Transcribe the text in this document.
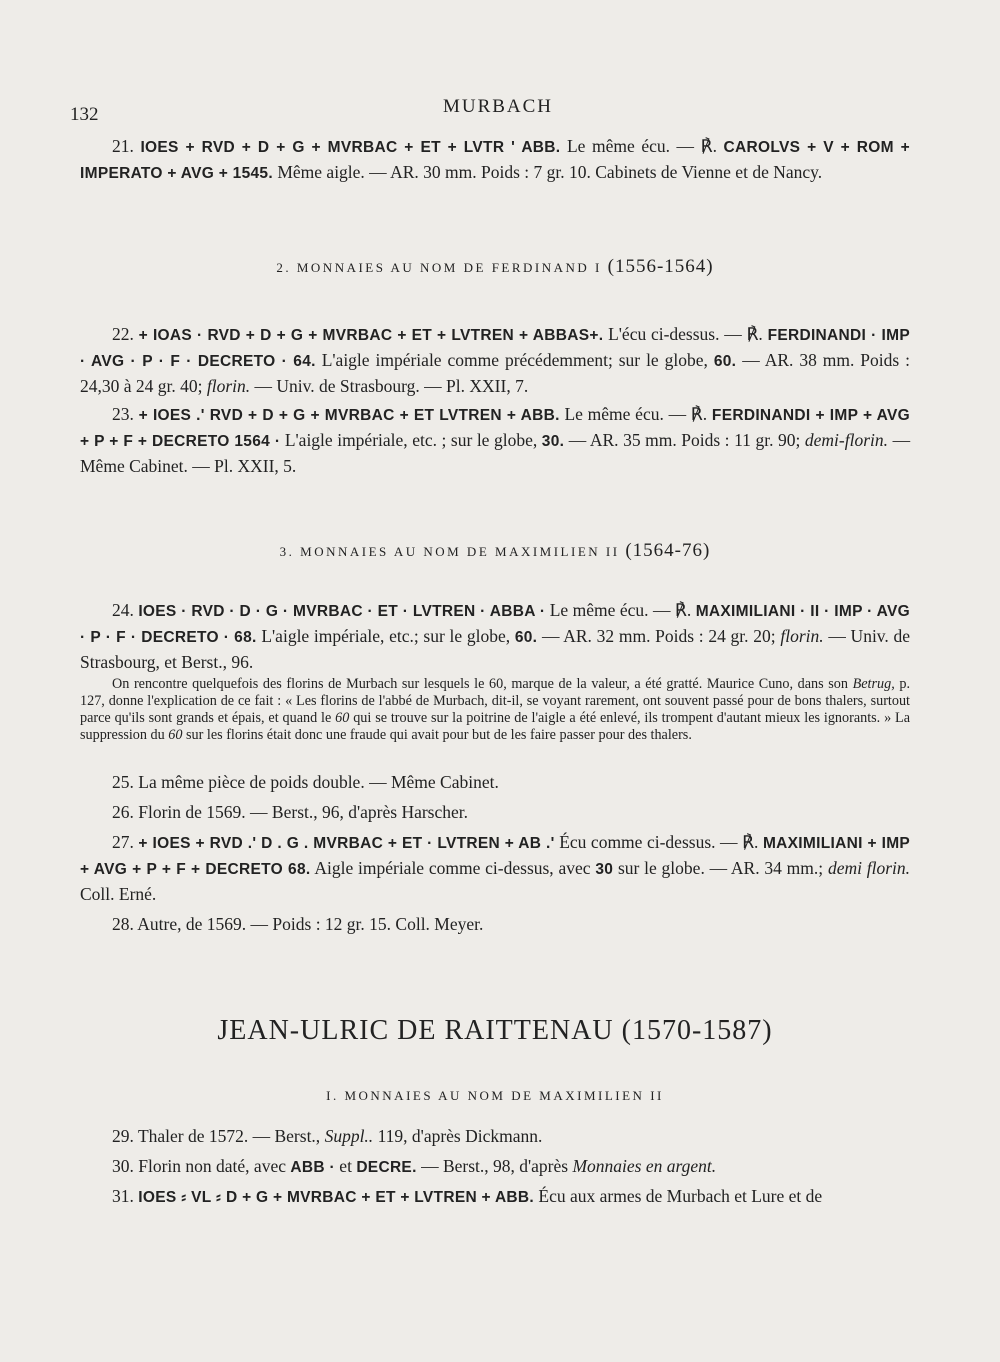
132	MURBACH

21. IOES + RVD + D + G + MVRBAC + ET + LVTR ' ABB. Le même écu. — ℟. CAROLVS + V + ROM + IMPERATO + AVG + 1545. Même aigle. — AR. 30 mm. Poids : 7 gr. 10. Cabinets de Vienne et de Nancy.

2. MONNAIES AU NOM DE FERDINAND I (1556-1564)

22. + IOAS · RVD + D + G + MVRBAC + ET + LVTREN + ABBAS+. L'écu ci-dessus. — ℟. FERDINANDI · IMP · AVG · P · F · DECRETO · 64. L'aigle impériale comme précédemment; sur le globe, 60. — AR. 38 mm. Poids : 24,30 à 24 gr. 40; florin. — Univ. de Strasbourg. — Pl. XXII, 7.

23. + IOES .' RVD + D + G + MVRBAC + ET LVTREN + ABB. Le même écu. — ℟. FERDINANDI + IMP + AVG + P + F + DECRETO 1564 · L'aigle impériale, etc. ; sur le globe, 30. — AR. 35 mm. Poids : 11 gr. 90; demi-florin. — Même Cabinet. — Pl. XXII, 5.

3. MONNAIES AU NOM DE MAXIMILIEN II (1564-76)

24. IOES · RVD · D · G · MVRBAC · ET · LVTREN · ABBA · Le même écu. — ℟. MAXIMILIANI · II · IMP · AVG · P · F · DECRETO · 68. L'aigle impériale, etc.; sur le globe, 60. — AR. 32 mm. Poids : 24 gr. 20; florin. — Univ. de Strasbourg, et Berst., 96.

On rencontre quelquefois des florins de Murbach sur lesquels le 60, marque de la valeur, a été gratté. Maurice Cuno, dans son Betrug, p. 127, donne l'explication de ce fait : « Les florins de l'abbé de Murbach, dit-il, se voyant rarement, ont souvent passé pour de bons thalers, surtout parce qu'ils sont grands et épais, et quand le 60 qui se trouve sur la poitrine de l'aigle a été enlevé, ils trompent d'autant mieux les ignorants. » La suppression du 60 sur les florins était donc une fraude qui avait pour but de les faire passer pour des thalers.

25. La même pièce de poids double. — Même Cabinet.

26. Florin de 1569. — Berst., 96, d'après Harscher.

27. + IOES + RVD .' D . G . MVRBAC + ET · LVTREN + AB .' Écu comme ci-dessus. — ℟. MAXIMILIANI + IMP + AVG + P + F + DECRETO 68. Aigle impériale comme ci-dessus, avec 30 sur le globe. — AR. 34 mm.; demi florin. Coll. Erné.

28. Autre, de 1569. — Poids : 12 gr. 15. Coll. Meyer.

JEAN-ULRIC DE RAITTENAU (1570-1587)
I. MONNAIES AU NOM DE MAXIMILIEN II

29. Thaler de 1572. — Berst., Suppl.. 119, d'après Dickmann.

30. Florin non daté, avec ABB · et DECRE. — Berst., 98, d'après Monnaies en argent.

31. IOES ⸗ VL ⸗ D + G + MVRBAC + ET + LVTREN + ABB. Écu aux armes de Murbach et Lure et de
